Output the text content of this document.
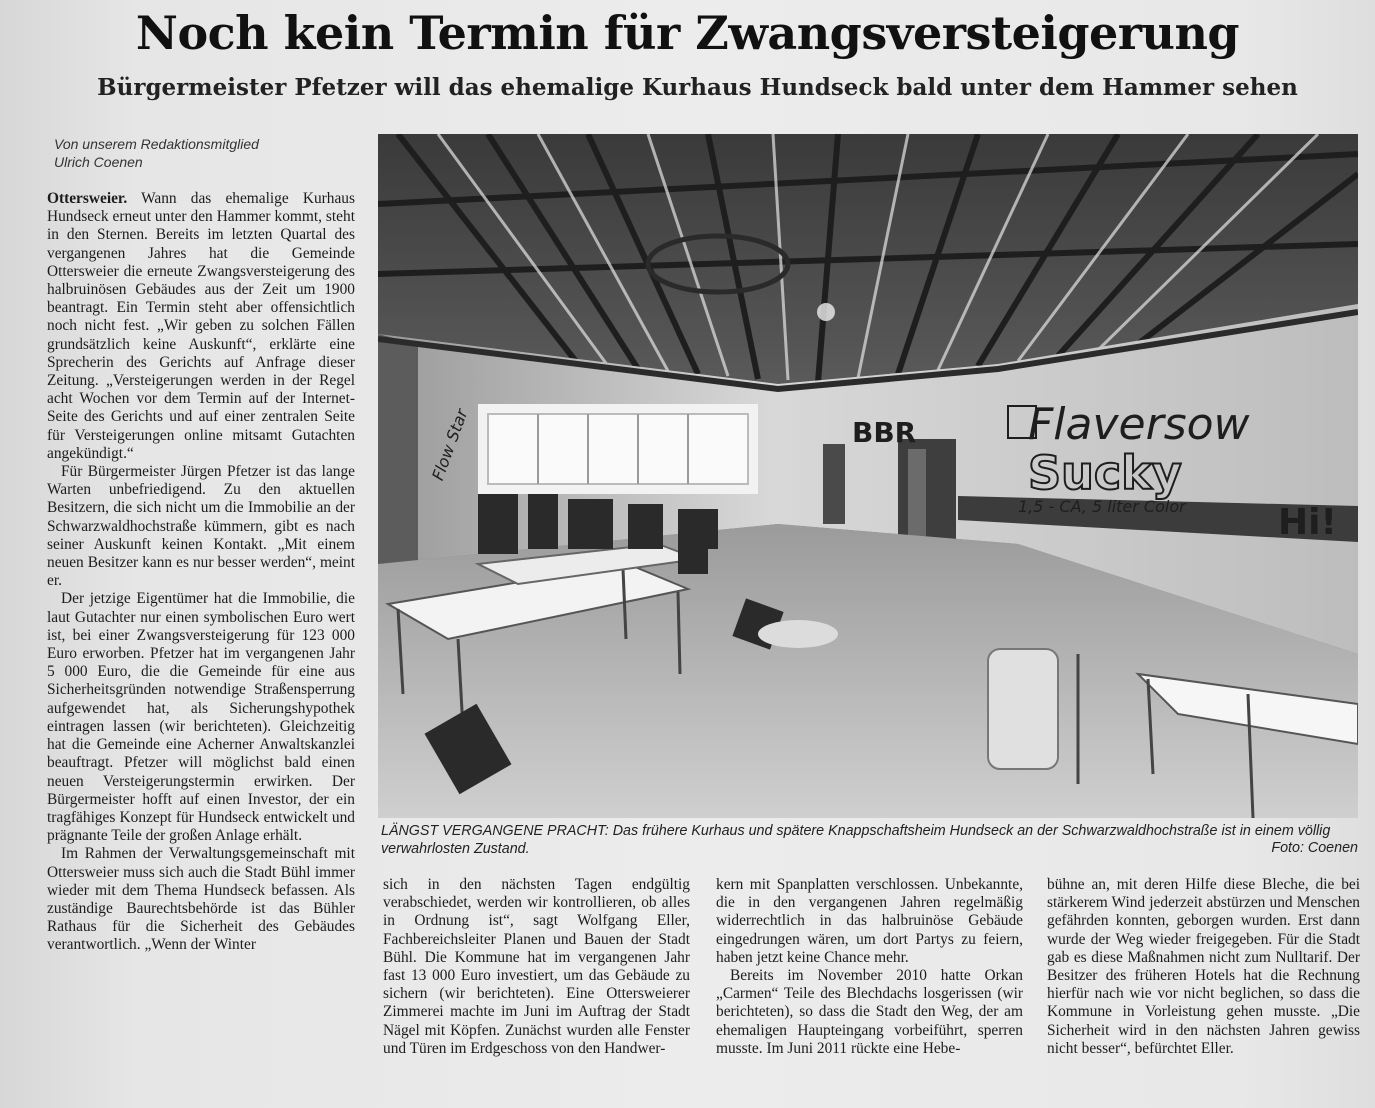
Noch kein Termin für Zwangsversteigerung
Bürgermeister Pfetzer will das ehemalige Kurhaus Hundseck bald unter dem Hammer sehen
Von unserem Redaktionsmitglied
Ulrich Coenen

Ottersweier. Wann das ehemalige Kurhaus Hundseck erneut unter den Hammer kommt, steht in den Sternen. Bereits im letzten Quartal des vergangenen Jahres hat die Gemeinde Ottersweier die erneute Zwangsversteigerung des halbruinösen Gebäudes aus der Zeit um 1900 beantragt. Ein Termin steht aber offensichtlich noch nicht fest. „Wir geben zu solchen Fällen grundsätzlich keine Auskunft“, erklärte eine Sprecherin des Gerichts auf Anfrage dieser Zeitung. „Versteigerungen werden in der Regel acht Wochen vor dem Termin auf der Internet-Seite des Gerichts und auf einer zentralen Seite für Versteigerungen online mitsamt Gutachten angekündigt.“

Für Bürgermeister Jürgen Pfetzer ist das lange Warten unbefriedigend. Zu den aktuellen Besitzern, die sich nicht um die Immobilie an der Schwarzwaldhochstraße kümmern, gibt es nach seiner Auskunft keinen Kontakt. „Mit einem neuen Besitzer kann es nur besser werden“, meint er.

Der jetzige Eigentümer hat die Immobilie, die laut Gutachter nur einen symbolischen Euro wert ist, bei einer Zwangsversteigerung für 123 000 Euro erworben. Pfetzer hat im vergangenen Jahr 5 000 Euro, die die Gemeinde für eine aus Sicherheitsgründen notwendige Straßensperrung aufgewendet hat, als Sicherungshypothek eintragen lassen (wir berichteten). Gleichzeitig hat die Gemeinde eine Acherner Anwaltskanzlei beauftragt. Pfetzer will möglichst bald einen neuen Versteigerungstermin erwirken. Der Bürgermeister hofft auf einen Investor, der ein tragfähiges Konzept für Hundseck entwickelt und prägnante Teile der großen Anlage erhält.

Im Rahmen der Verwaltungsgemeinschaft mit Ottersweier muss sich auch die Stadt Bühl immer wieder mit dem Thema Hundseck befassen. Als zuständige Baurechtsbehörde ist das Bühler Rathaus für die Sicherheit des Gebäudes verantwortlich. „Wenn der Winter

BBR	Flaversow
Sucky
1,5 - CA, 5 liter Color	Hi!
Flow Star
LÄNGST VERGANGENE PRACHT: Das frühere Kurhaus und spätere Knappschaftsheim Hundseck an der Schwarzwaldhochstraße ist in einem völlig verwahrlosten Zustand.	Foto: Coenen

sich in den nächsten Tagen endgültig verabschiedet, werden wir kontrollieren, ob alles in Ordnung ist“, sagt Wolfgang Eller, Fachbereichsleiter Planen und Bauen der Stadt Bühl. Die Kommune hat im vergangenen Jahr fast 13 000 Euro investiert, um das Gebäude zu sichern (wir berichteten). Eine Ottersweierer Zimmerei machte im Juni im Auftrag der Stadt Nägel mit Köpfen. Zunächst wurden alle Fenster und Türen im Erdgeschoss von den Handwer-

kern mit Spanplatten verschlossen. Unbekannte, die in den vergangenen Jahren regelmäßig widerrechtlich in das halbruinöse Gebäude eingedrungen wären, um dort Partys zu feiern, haben jetzt keine Chance mehr.

Bereits im November 2010 hatte Orkan „Carmen“ Teile des Blechdachs losgerissen (wir berichteten), so dass die Stadt den Weg, der am ehemaligen Haupteingang vorbeiführt, sperren musste. Im Juni 2011 rückte eine Hebe-

bühne an, mit deren Hilfe diese Bleche, die bei stärkerem Wind jederzeit abstürzen und Menschen gefährden konnten, geborgen wurden. Erst dann wurde der Weg wieder freigegeben. Für die Stadt gab es diese Maßnahmen nicht zum Nulltarif. Der Besitzer des früheren Hotels hat die Rechnung hierfür nach wie vor nicht beglichen, so dass die Kommune in Vorleistung gehen musste. „Die Sicherheit wird in den nächsten Jahren gewiss nicht besser“, befürchtet Eller.
